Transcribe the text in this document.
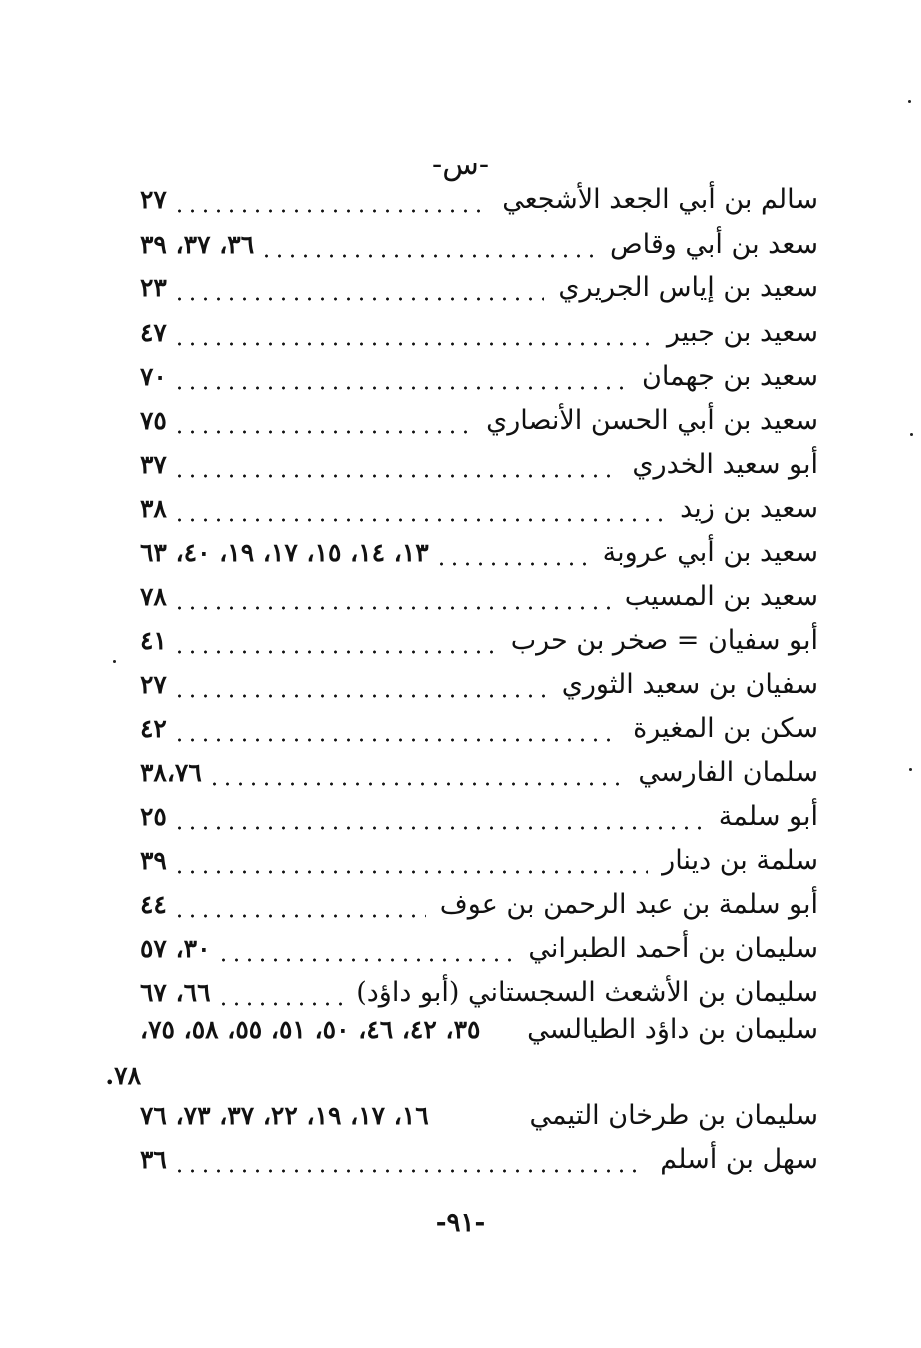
-س-
سالم بن أبي الجعد الأشجعي
٢٧
سعد بن أبي وقاص
٣٦، ٣٧، ٣٩
سعيد بن إياس الجريري
٢٣
سعيد بن جبير
٤٧
سعيد بن جهمان
٧٠
سعيد بن أبي الحسن الأنصاري
٧٥
أبو سعيد الخدري
٣٧
سعيد بن زيد
٣٨
سعيد بن أبي عروبة
١٣، ١٤، ١٥، ١٧، ١٩، ٤٠، ٦٣
سعيد بن المسيب
٧٨
أبو سفيان = صخر بن حرب
٤١
سفيان بن سعيد الثوري
٢٧
سكن بن المغيرة
٤٢
سلمان الفارسي
٣٨،٧٦
أبو سلمة
٢٥
سلمة بن دينار
٣٩
أبو سلمة بن عبد الرحمن بن عوف
٤٤
سليمان بن أحمد الطبراني
٣٠، ٥٧
سليمان بن الأشعث السجستاني (أبو داؤد)
٦٦، ٦٧
سليمان بن داؤد الطيالسي
٣٥، ٤٢، ٤٦، ٥٠، ٥١، ٥٥، ٥٨، ٧٥،
٧٨.
سليمان بن طرخان التيمي
١٦، ١٧، ١٩، ٢٢، ٣٧، ٧٣، ٧٦
سهل بن أسلم
٣٦
-٩١-
